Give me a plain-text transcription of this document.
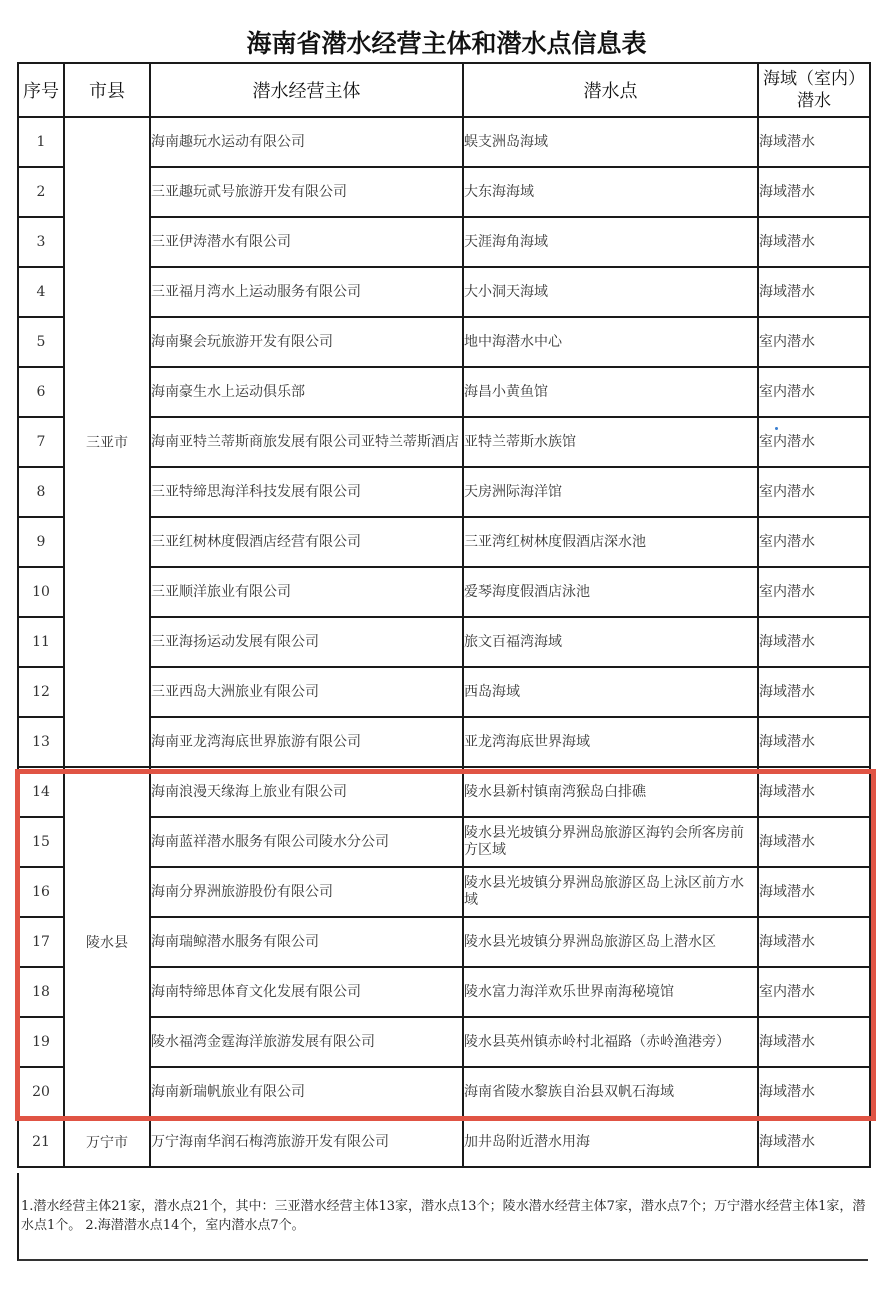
海南省潜水经营主体和潜水点信息表
序号	市县	潜水经营主体	潜水点	海域（室内）潜水
1	三亚市	海南趣玩水运动有限公司	蜈支洲岛海域	海域潜水
2		三亚趣玩贰号旅游开发有限公司	大东海海域	海域潜水
3		三亚伊涛潜水有限公司	天涯海角海域	海域潜水
4		三亚福月湾水上运动服务有限公司	大小洞天海域	海域潜水
5		海南聚会玩旅游开发有限公司	地中海潜水中心	室内潜水
6		海南豪生水上运动俱乐部	海昌小黄鱼馆	室内潜水
7		海南亚特兰蒂斯商旅发展有限公司亚特兰蒂斯酒店	亚特兰蒂斯水族馆	室内潜水
8		三亚特缔思海洋科技发展有限公司	天房洲际海洋馆	室内潜水
9		三亚红树林度假酒店经营有限公司	三亚湾红树林度假酒店深水池	室内潜水
10		三亚顺洋旅业有限公司	爱琴海度假酒店泳池	室内潜水
11		三亚海扬运动发展有限公司	旅文百福湾海域	海域潜水
12		三亚西岛大洲旅业有限公司	西岛海域	海域潜水
13		海南亚龙湾海底世界旅游有限公司	亚龙湾海底世界海域	海域潜水
14	陵水县	海南浪漫天缘海上旅业有限公司	陵水县新村镇南湾猴岛白排礁	海域潜水
15		海南蓝祥潜水服务有限公司陵水分公司	陵水县光坡镇分界洲岛旅游区海钓会所客房前方区域	海域潜水
16		海南分界洲旅游股份有限公司	陵水县光坡镇分界洲岛旅游区岛上泳区前方水域	海域潜水
17		海南瑞鲸潜水服务有限公司	陵水县光坡镇分界洲岛旅游区岛上潜水区	海域潜水
18		海南特缔思体育文化发展有限公司	陵水富力海洋欢乐世界南海秘境馆	室内潜水
19		陵水福湾金霆海洋旅游发展有限公司	陵水县英州镇赤岭村北福路（赤岭渔港旁）	海域潜水
20		海南新瑞帆旅业有限公司	海南省陵水黎族自治县双帆石海域	海域潜水
21	万宁市	万宁海南华润石梅湾旅游开发有限公司	加井岛附近潜水用海	海域潜水
1.潜水经营主体21家，潜水点21个，其中：三亚潜水经营主体13家，潜水点13个；陵水潜水经营主体7家，潜水点7个；万宁潜水经营主体1家，潜水点1个。 2.海潜潜水点14个，室内潜水点7个。
